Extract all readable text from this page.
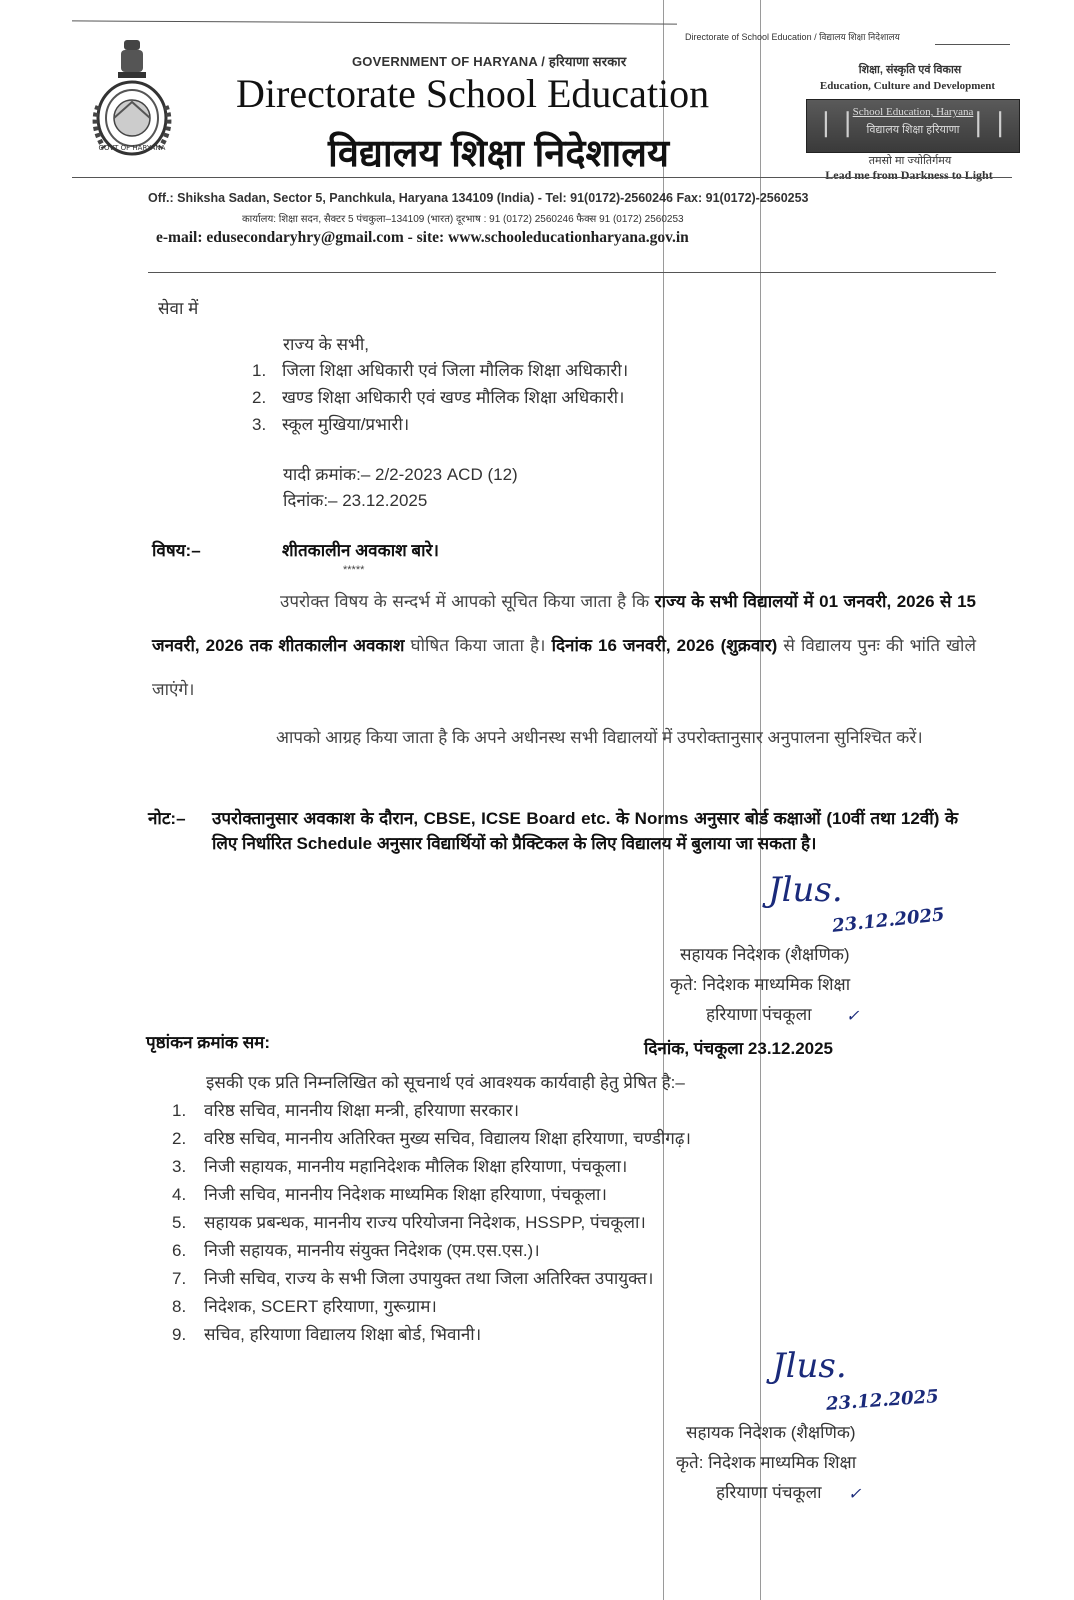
Directorate of School Education / विद्यालय शिक्षा निदेशालय
GOVT OF HARYANA
GOVERNMENT OF HARYANA / हरियाणा सरकार
Directorate School Education
विद्यालय शिक्षा निदेशालय
शिक्षा, संस्कृति एवं विकास
Education, Culture and Development
❘❘
School Education, Haryana
विद्यालय शिक्षा हरियाणा ❘❘
तमसो मा ज्योतिर्गमय
Lead me from Darkness to Light
Off.: Shiksha Sadan, Sector 5, Panchkula, Haryana 134109 (India) - Tel: 91(0172)-2560246 Fax: 91(0172)-2560253
कार्यालय: शिक्षा सदन, सैक्टर 5 पंचकुला–134109 (भारत) दूरभाष : 91 (0172) 2560246 फैक्स 91 (0172) 2560253
e-mail: edusecondaryhry@gmail.com - site: www.schooleducationharyana.gov.in
सेवा में
राज्य के सभी,
1. जिला शिक्षा अधिकारी एवं जिला मौलिक शिक्षा अधिकारी।
2. खण्ड शिक्षा अधिकारी एवं खण्ड मौलिक शिक्षा अधिकारी।
3. स्कूल मुखिया/प्रभारी।
यादी क्रमांक:– 2/2-2023 ACD (12)
दिनांक:– 23.12.2025
विषय:–	शीतकालीन अवकाश बारे।
*****
उपरोक्त विषय के सन्दर्भ में आपको सूचित किया जाता है कि राज्य के सभी विद्यालयों में 01 जनवरी, 2026 से 15 जनवरी, 2026 तक शीतकालीन अवकाश घोषित किया जाता है। दिनांक 16 जनवरी, 2026 (शुक्रवार) से विद्यालय पुनः की भांति खोले जाएंगे।
आपको आग्रह किया जाता है कि अपने अधीनस्थ सभी विद्यालयों में उपरोक्तानुसार अनुपालना सुनिश्चित करें।
नोट:– उपरोक्तानुसार अवकाश के दौरान, CBSE, ICSE Board etc. के Norms अनुसार बोर्ड कक्षाओं (10वीं तथा 12वीं) के लिए निर्धारित Schedule अनुसार विद्यार्थियों को प्रैक्टिकल के लिए विद्यालय में बुलाया जा सकता है।
Jlus.
23.12.2025
सहायक निदेशक (शैक्षणिक)
कृते: निदेशक माध्यमिक शिक्षा
हरियाणा पंचकूला ✓
पृष्ठांकन क्रमांक सम:	दिनांक, पंचकूला 23.12.2025
इसकी एक प्रति निम्नलिखित को सूचनार्थ एवं आवश्यक कार्यवाही हेतु प्रेषित है:–
1. वरिष्ठ सचिव, माननीय शिक्षा मन्त्री, हरियाणा सरकार।
2. वरिष्ठ सचिव, माननीय अतिरिक्त मुख्य सचिव, विद्यालय शिक्षा हरियाणा, चण्डीगढ़।
3. निजी सहायक, माननीय महानिदेशक मौलिक शिक्षा हरियाणा, पंचकूला।
4. निजी सचिव, माननीय निदेशक माध्यमिक शिक्षा हरियाणा, पंचकूला।
5. सहायक प्रबन्धक, माननीय राज्य परियोजना निदेशक, HSSPP, पंचकूला।
6. निजी सहायक, माननीय संयुक्त निदेशक (एम.एस.एस.)।
7. निजी सचिव, राज्य के सभी जिला उपायुक्त तथा जिला अतिरिक्त उपायुक्त।
8. निदेशक, SCERT हरियाणा, गुरूग्राम।
9. सचिव, हरियाणा विद्यालय शिक्षा बोर्ड, भिवानी।
Jlus.
23.12.2025
सहायक निदेशक (शैक्षणिक)
कृते: निदेशक माध्यमिक शिक्षा
हरियाणा पंचकूला ✓
